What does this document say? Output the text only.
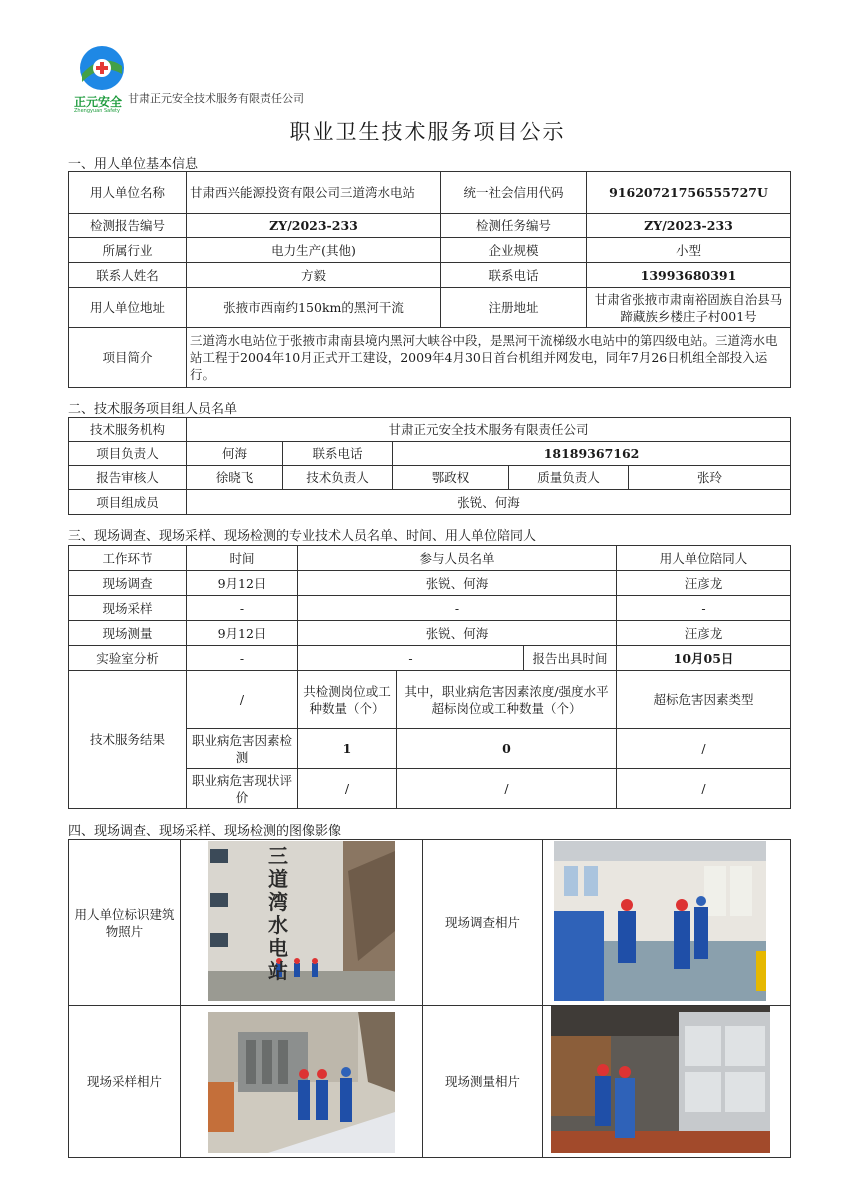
正元安全
Zhengyuan Safety
甘肃正元安全技术服务有限责任公司
职业卫生技术服务项目公示
一、用人单位基本信息
用人单位名称	甘肃西兴能源投资有限公司三道湾水电站	统一社会信用代码	91620721756555727U
检测报告编号	ZY/2023-233	检测任务编号	ZY/2023-233
所属行业	电力生产(其他)	企业规模	小型
联系人姓名	方毅	联系电话	13993680391
用人单位地址	张掖市西南约150km的黑河干流	注册地址	甘肃省张掖市肃南裕固族自治县马蹄藏族乡楼庄子村001号
项目简介	三道湾水电站位于张掖市肃南县境内黑河大峡谷中段，是黑河干流梯级水电站中的第四级电站。三道湾水电站工程于2004年10月正式开工建设，2009年4月30日首台机组并网发电，同年7月26日机组全部投入运行。		
二、技术服务项目组人员名单
技术服务机构	甘肃正元安全技术服务有限责任公司				
项目负责人	何海	联系电话	18189367162		
报告审核人	徐晓飞	技术负责人	鄂政权	质量负责人	张玲
项目组成员	张锐、何海				
三、现场调查、现场采样、现场检测的专业技术人员名单、时间、用人单位陪同人
工作环节	时间	参与人员名单			用人单位陪同人
现场调查	9月12日	张锐、何海			汪彦龙
现场采样	-	-			-
现场测量	9月12日	张锐、何海			汪彦龙
实验室分析	-	-		报告出具时间	10月05日
技术服务结果	/	共检测岗位或工种数量（个）	其中，职业病危害因素浓度/强度水平超标岗位或工种数量（个）		超标危害因素类型
	职业病危害因素检测	1	0		/
	职业病危害现状评价	/	/		/
四、现场调查、现场采样、现场检测的图像影像
用人单位标识建筑物照片		现场调查相片	
现场采样相片		现场测量相片	
三道湾水电站
